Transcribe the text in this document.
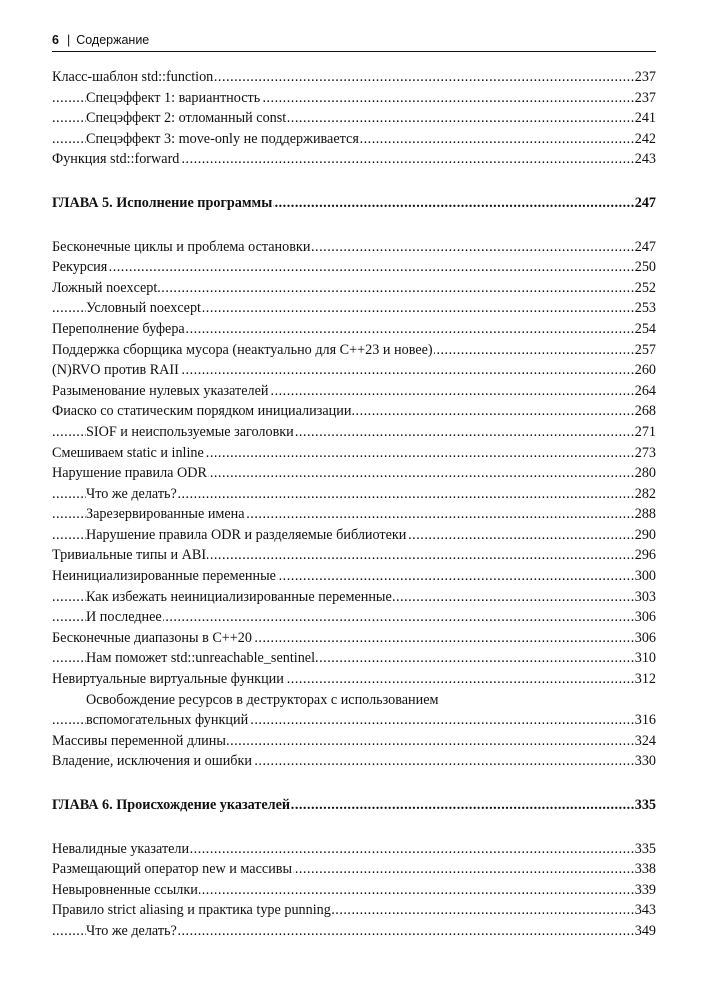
6 | Содержание
Класс-шаблон std::function	237
.....
Спецэффект 1: вариантность	237
.....
Спецэффект 2: отломанный const	241
.....
Спецэффект 3: move-only не поддерживается	242
.....
Функция std::forward	243
.....
ГЛАВА 5. Исполнение программы	247
.....
Бесконечные циклы и проблема остановки	247
.....
Рекурсия	250
.....
Ложный noexcept	252
.....
Условный noexcept	253
.....
Переполнение буфера	254
.....
Поддержка сборщика мусора (неактуально для C++23 и новее)	257
.....
(N)RVO против RAII	260
.....
Разыменование нулевых указателей	264
.....
Фиаско со статическим порядком инициализации	268
.....
SIOF и неиспользуемые заголовки	271
.....
Смешиваем static и inline	273
.....
Нарушение правила ODR	280
.....
Что же делать?	282
.....
Зарезервированные имена	288
.....
Нарушение правила ODR и разделяемые библиотеки	290
.....
Тривиальные типы и ABI	296
.....
Неинициализированные переменные	300
.....
Как избежать неинициализированные переменные	303
.....
И последнее	306
.....
Бесконечные диапазоны в C++20	306
.....
Нам поможет std::unreachable_sentinel	310
.....
Невиртуальные виртуальные функции	312
.....
Освобождение ресурсов в деструкторах с использованием
вспомогательных функций	316
.....
Массивы переменной длины	324
.....
Владение, исключения и ошибки	330
.....
ГЛАВА 6. Происхождение указателей	335
.....
Невалидные указатели	335
.....
Размещающий оператор new и массивы	338
.....
Невыровненные ссылки	339
.....
Правило strict aliasing и практика type punning	343
.....
Что же делать?	349
.....
